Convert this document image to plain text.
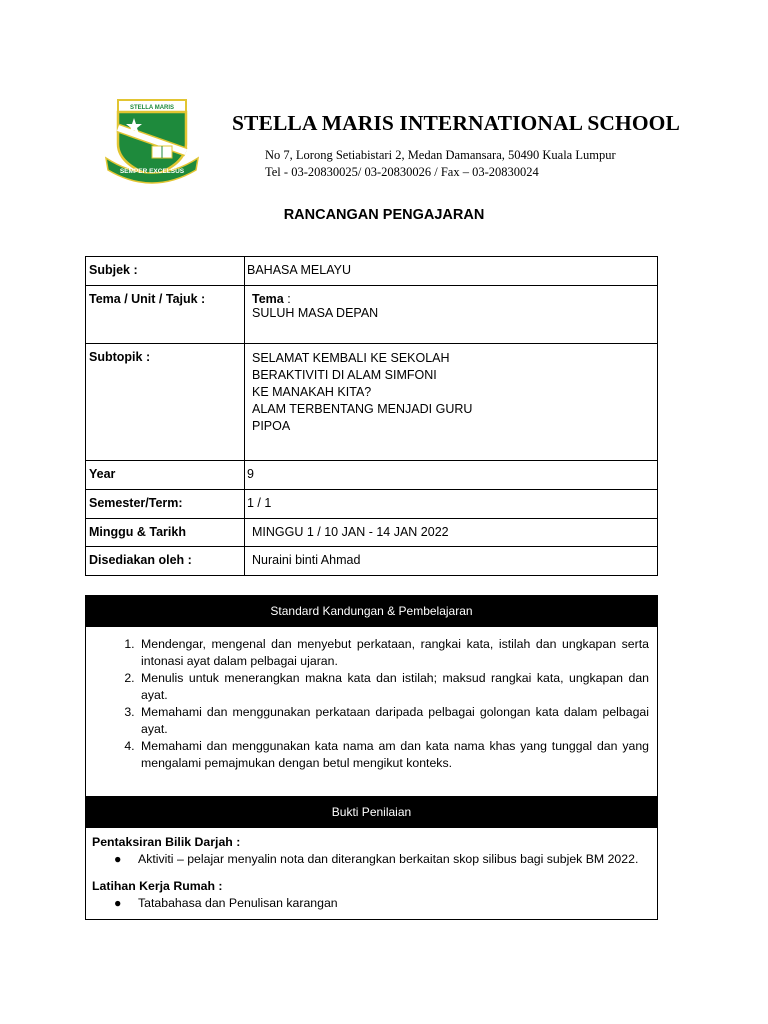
STELLA MARIS
SEMPER EXCELSUS
STELLA MARIS INTERNATIONAL SCHOOL
No 7, Lorong Setiabistari 2, Medan Damansara, 50490 Kuala Lumpur
Tel - 03-20830025/ 03-20830026 / Fax – 03-20830024
RANCANGAN PENGAJARAN
Subjek :	BAHASA MELAYU
Tema / Unit / Tajuk :	Tema :
SULUH MASA DEPAN

Subtopik :	SELAMAT KEMBALI KE SEKOLAH
BERAKTIVITI DI ALAM SIMFONI
KE MANAKAH KITA?
ALAM TERBENTANG MENJADI GURU
PIPOA

Year	9
Semester/Term:	1 / 1
Minggu & Tarikh	MINGGU 1 / 10 JAN - 14 JAN 2022
Disediakan oleh :	Nuraini binti Ahmad
Standard Kandungan & Pembelajaran
1. Mendengar, mengenal dan menyebut perkataan, rangkai kata, istilah dan ungkapan serta intonasi ayat dalam pelbagai ujaran.
2. Menulis untuk menerangkan makna kata dan istilah; maksud rangkai kata, ungkapan dan ayat.
3. Memahami dan menggunakan perkataan daripada pelbagai golongan kata dalam pelbagai ayat.
4. Memahami dan menggunakan kata nama am dan kata nama khas yang tunggal dan yang mengalami pemajmukan dengan betul mengikut konteks.
Bukti Penilaian
Pentaksiran Bilik Darjah :
● Aktiviti – pelajar menyalin nota dan diterangkan berkaitan skop silibus bagi subjek BM 2022.
Latihan Kerja Rumah :
● Tatabahasa dan Penulisan karangan
